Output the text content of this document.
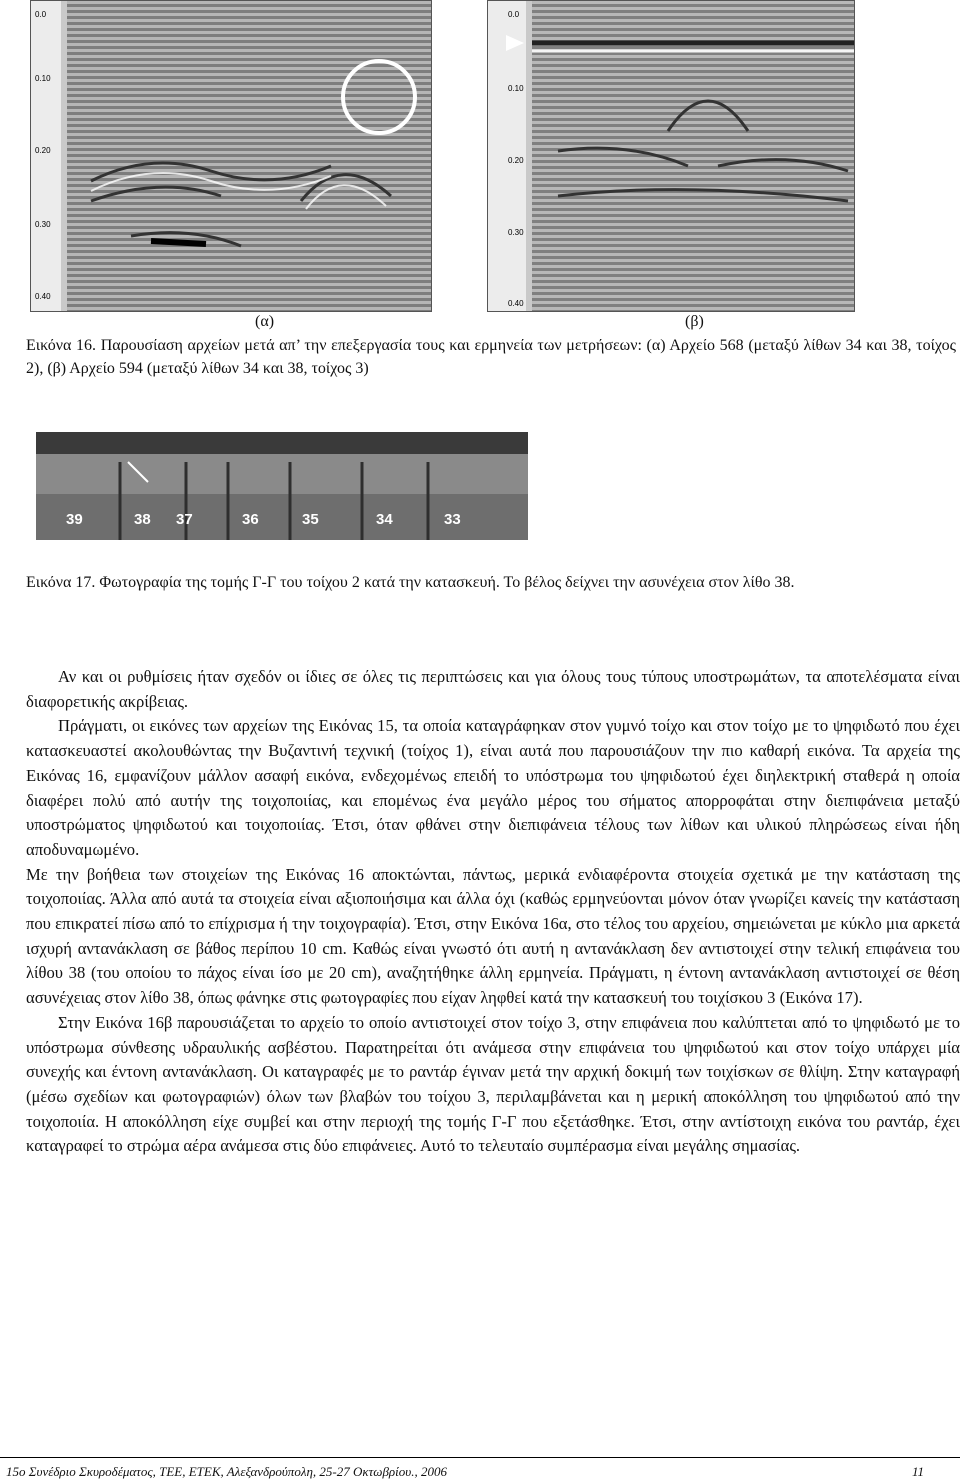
0.0
0.10
0.20
0.30
0.40
0.0
0.10
0.20
0.30
0.40
(α)	(β)
Εικόνα 16. Παρουσίαση αρχείων μετά απ’ την επεξεργασία τους και ερμηνεία των μετρήσεων: (α) Αρχείο 568 (μεταξύ λίθων 34 και 38, τοίχος 2), (β) Αρχείο 594 (μεταξύ λίθων 34 και 38, τοίχος 3)
39	38 37	36	35	34	33
Εικόνα 17. Φωτογραφία της τομής Γ-Γ του τοίχου 2 κατά την κατασκευή. Το βέλος δείχνει την ασυνέχεια στον λίθο 38.

Αν και οι ρυθμίσεις ήταν σχεδόν οι ίδιες σε όλες τις περιπτώσεις και για όλους τους τύπους υποστρωμάτων, τα αποτελέσματα είναι διαφορετικής ακρίβειας.

Πράγματι, οι εικόνες των αρχείων της Εικόνας 15, τα οποία καταγράφηκαν στον γυμνό τοίχο και στον τοίχο με το ψηφιδωτό που έχει κατασκευαστεί ακολουθώντας την Βυζαντινή τεχνική (τοίχος 1), είναι αυτά που παρουσιάζουν την πιο καθαρή εικόνα. Τα αρχεία της Εικόνας 16, εμφανίζουν μάλλον ασαφή εικόνα, ενδεχομένως επειδή το υπόστρωμα του ψηφιδωτού έχει διηλεκτρική σταθερά η οποία διαφέρει πολύ από αυτήν της τοιχοποιίας, και επομένως ένα μεγάλο μέρος του σήματος απορροφάται στην διεπιφάνεια μεταξύ υποστρώματος ψηφιδωτού και τοιχοποιίας. Έτσι, όταν φθάνει στην διεπιφάνεια τέλους των λίθων και υλικού πληρώσεως είναι ήδη αποδυναμωμένο.

Με την βοήθεια των στοιχείων της Εικόνας 16 αποκτώνται, πάντως, μερικά ενδιαφέροντα στοιχεία σχετικά με την κατάσταση της τοιχοποιίας. Άλλα από αυτά τα στοιχεία είναι αξιοποιήσιμα και άλλα όχι (καθώς ερμηνεύονται μόνον όταν γνωρίζει κανείς την κατάσταση που επικρατεί πίσω από το επίχρισμα ή την τοιχογραφία). Έτσι, στην Εικόνα 16α, στο τέλος του αρχείου, σημειώνεται με κύκλο μια αρκετά ισχυρή αντανάκλαση σε βάθος περίπου 10 cm. Καθώς είναι γνωστό ότι αυτή η αντανάκλαση δεν αντιστοιχεί στην τελική επιφάνεια του λίθου 38 (του οποίου το πάχος είναι ίσο με 20 cm), αναζητήθηκε άλλη ερμηνεία. Πράγματι, η έντονη αντανάκλαση αντιστοιχεί σε θέση ασυνέχειας στον λίθο 38, όπως φάνηκε στις φωτογραφίες που είχαν ληφθεί κατά την κατασκευή του τοιχίσκου 3 (Εικόνα 17).

Στην Εικόνα 16β παρουσιάζεται το αρχείο το οποίο αντιστοιχεί στον τοίχο 3, στην επιφάνεια που καλύπτεται από το ψηφιδωτό με το υπόστρωμα σύνθεσης υδραυλικής ασβέστου. Παρατηρείται ότι ανάμεσα στην επιφάνεια του ψηφιδωτού και στον τοίχο υπάρχει μία συνεχής και έντονη αντανάκλαση. Οι καταγραφές με το ραντάρ έγιναν μετά την αρχική δοκιμή των τοιχίσκων σε θλίψη. Στην καταγραφή (μέσω σχεδίων και φωτογραφιών) όλων των βλαβών του τοίχου 3, περιλαμβάνεται και η μερική αποκόλληση του ψηφιδωτού από την τοιχοποιία. Η αποκόλληση είχε συμβεί και στην περιοχή της τομής Γ-Γ που εξετάσθηκε. Έτσι, στην αντίστοιχη εικόνα του ραντάρ, έχει καταγραφεί το στρώμα αέρα ανάμεσα στις δύο επιφάνειες. Αυτό το τελευταίο συμπέρασμα είναι μεγάλης σημασίας.

15ο Συνέδριο Σκυροδέματος, ΤΕΕ, ΕΤΕΚ, Αλεξανδρούπολη, 25-27 Οκτωβρίου., 2006	11
